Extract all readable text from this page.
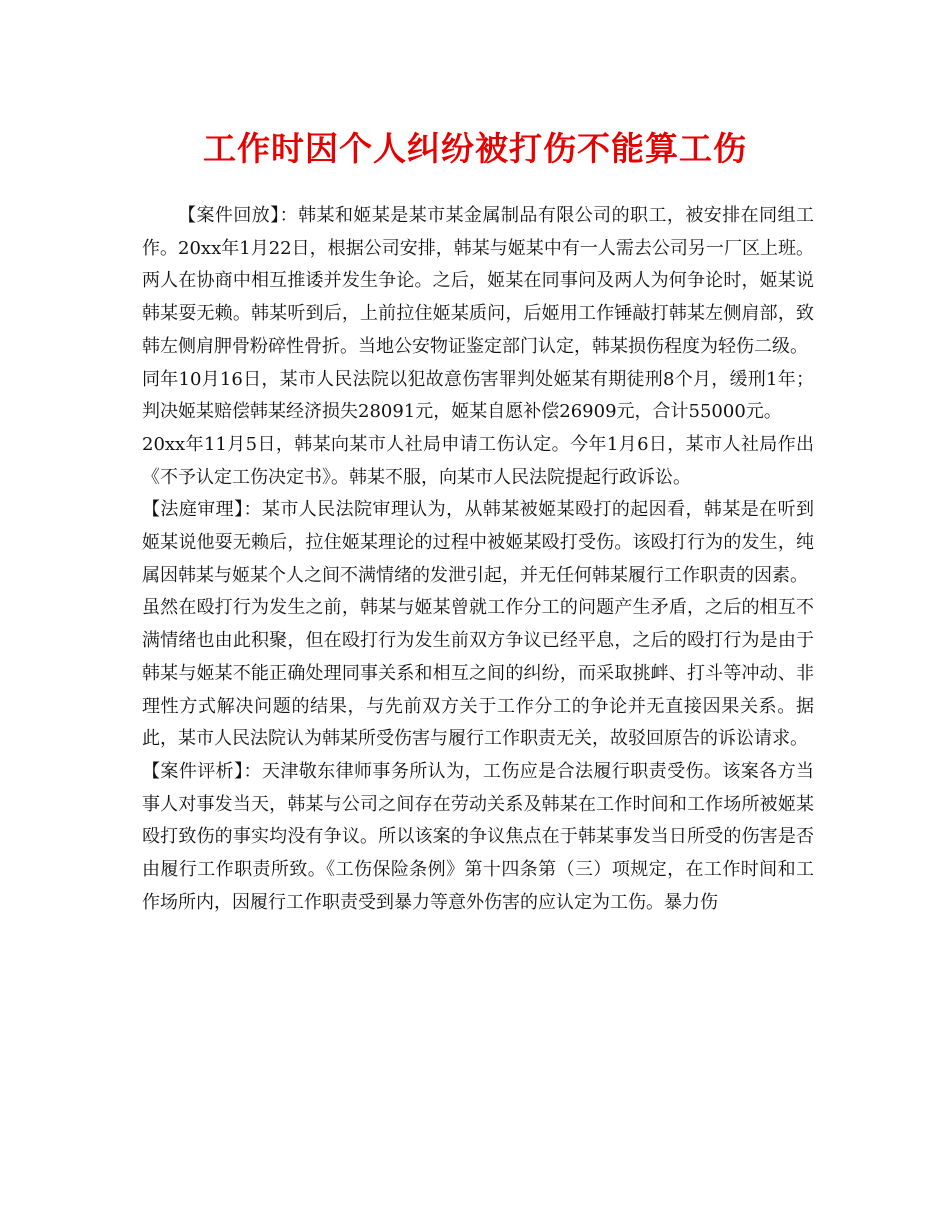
工作时因个人纠纷被打伤不能算工伤

【案件回放】：韩某和姬某是某市某金属制品有限公司的职工，被安排在同组工作。20xx年1月22日，根据公司安排，韩某与姬某中有一人需去公司另一厂区上班。两人在协商中相互推诿并发生争论。之后，姬某在同事问及两人为何争论时，姬某说韩某耍无赖。韩某听到后，上前拉住姬某质问，后姬用工作锤敲打韩某左侧肩部，致韩左侧肩胛骨粉碎性骨折。当地公安物证鉴定部门认定，韩某损伤程度为轻伤二级。

同年10月16日，某市人民法院以犯故意伤害罪判处姬某有期徒刑8个月，缓刑1年；判决姬某赔偿韩某经济损失28091元，姬某自愿补偿26909元，合计55000元。

20xx年11月5日，韩某向某市人社局申请工伤认定。今年1月6日，某市人社局作出《不予认定工伤决定书》。韩某不服，向某市人民法院提起行政诉讼。

【法庭审理】：某市人民法院审理认为，从韩某被姬某殴打的起因看，韩某是在听到姬某说他耍无赖后，拉住姬某理论的过程中被姬某殴打受伤。该殴打行为的发生，纯属因韩某与姬某个人之间不满情绪的发泄引起，并无任何韩某履行工作职责的因素。

虽然在殴打行为发生之前，韩某与姬某曾就工作分工的问题产生矛盾，之后的相互不满情绪也由此积聚，但在殴打行为发生前双方争议已经平息，之后的殴打行为是由于韩某与姬某不能正确处理同事关系和相互之间的纠纷，而采取挑衅、打斗等冲动、非理性方式解决问题的结果，与先前双方关于工作分工的争论并无直接因果关系。据此，某市人民法院认为韩某所受伤害与履行工作职责无关，故驳回原告的诉讼请求。

【案件评析】：天津敬东律师事务所认为，工伤应是合法履行职责受伤。该案各方当事人对事发当天，韩某与公司之间存在劳动关系及韩某在工作时间和工作场所被姬某殴打致伤的事实均没有争议。所以该案的争议焦点在于韩某事发当日所受的伤害是否由履行工作职责所致。《工伤保险条例》第十四条第（三）项规定，在工作时间和工作场所内，因履行工作职责受到暴力等意外伤害的应认定为工伤。暴力伤
